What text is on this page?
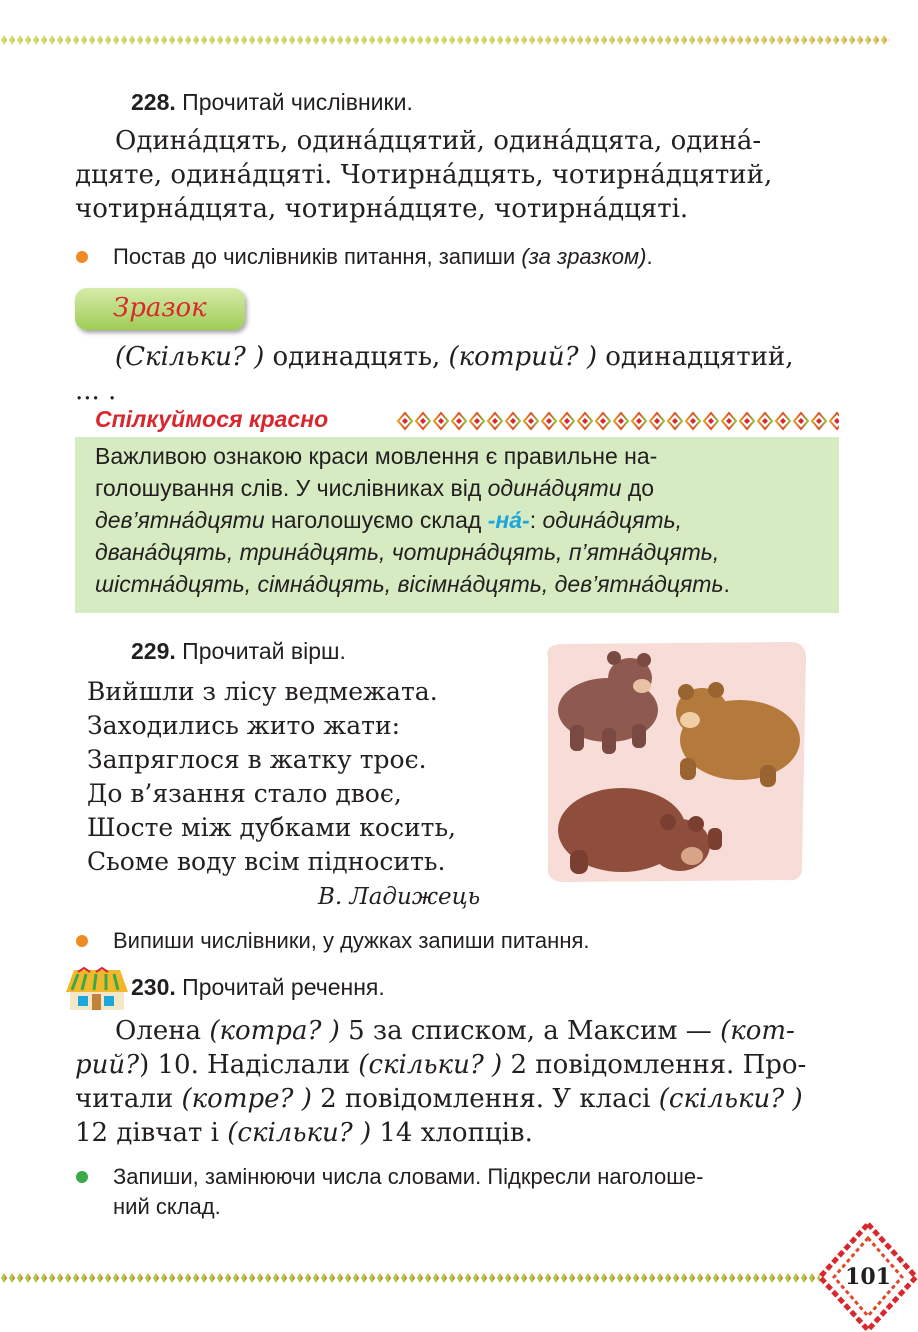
228. Прочитай числівники.
Одина́дцять, одина́дцятий, одина́дцята, одина́-
дцяте, одина́дцяті. Чотирна́дцять, чотирна́дцятий,
чотирна́дцята, чотирна́дцяте, чотирна́дцяті.
Постав до числівників питання, запиши (за зразком).
Зразок
(Скільки? ) одинадцять, (котрий? ) одинадцятий,
... .
Спілкуймося красно
Важливою ознакою краси мовлення є правильне на-
голошування слів. У числівниках від одина́дцяти до
дев’ятна́дцяти наголошуємо склад -на́-: одина́дцять,
двана́дцять, трина́дцять, чотирна́дцять, п’ятна́дцять,
шістна́дцять, сімна́дцять, вісімна́дцять, дев’ятна́дцять.
229. Прочитай вірш.
Вийшли з лісу ведмежата.
Заходились жито жати:
Запряглося в жатку троє.
До в’язання стало двоє,
Шосте між дубками косить,
Сьоме воду всім підносить.
В. Ладижець
Випиши числівники, у дужках запиши питання.
230. Прочитай речення.
Олена (котра? ) 5 за списком, а Максим — (кот-
рий?) 10. Надіслали (скільки? ) 2 повідомлення. Про-
читали (котре? ) 2 повідомлення. У класі (скільки? )
12 дівчат і (скільки? ) 14 хлопців.
Запиши, замінюючи числа словами. Підкресли наголоше-
ний склад.
101
